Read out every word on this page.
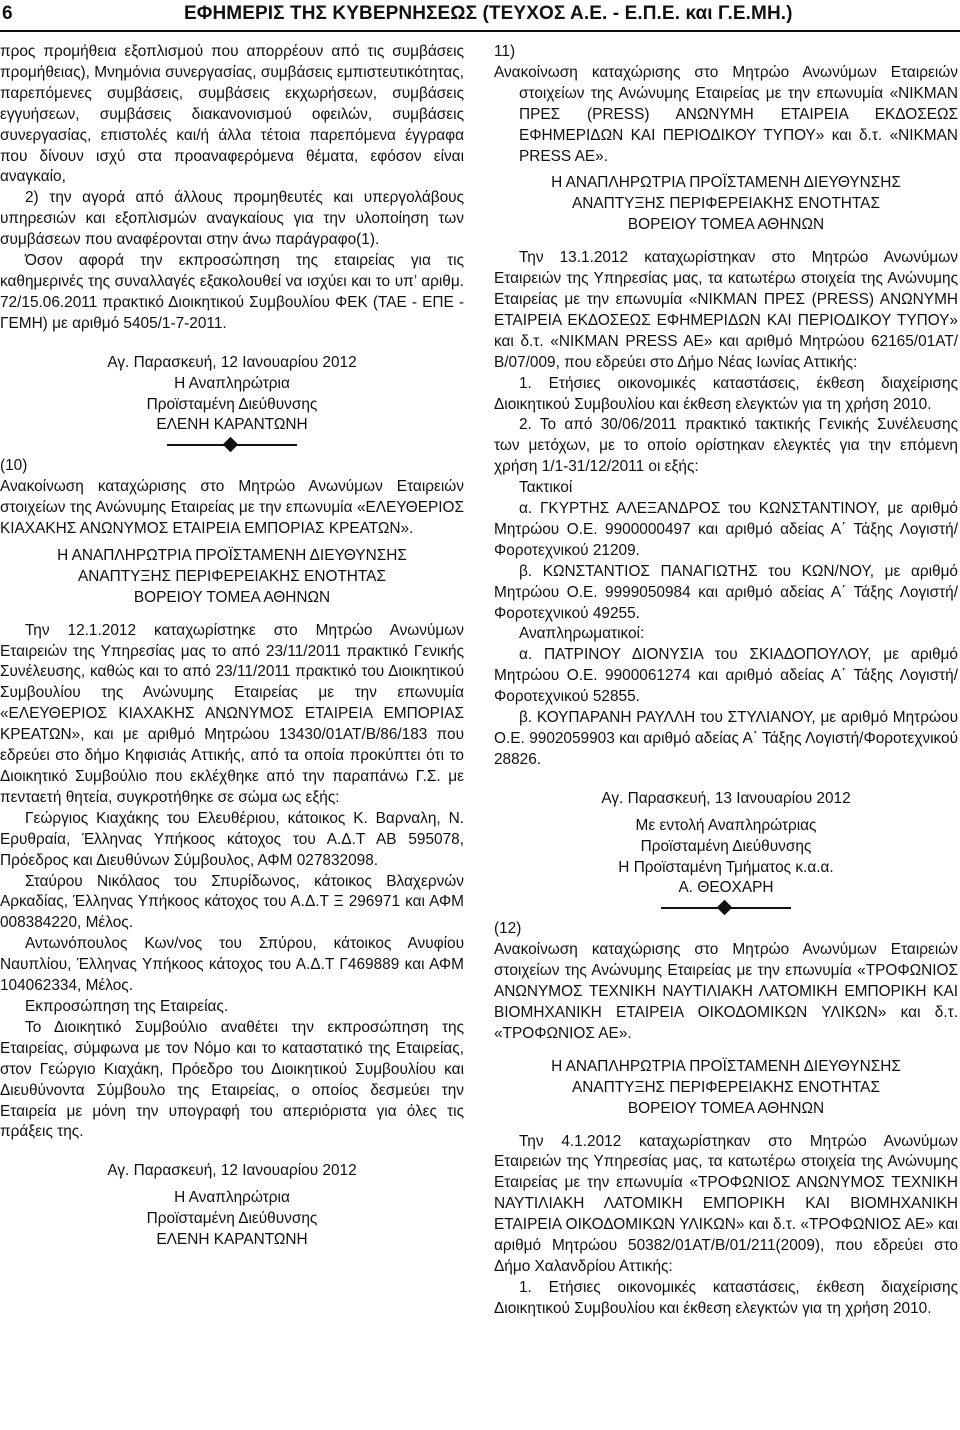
6	ΕΦΗΜΕΡΙΣ ΤΗΣ ΚΥΒΕΡΝΗΣΕΩΣ (ΤΕΥΧΟΣ Α.Ε. - Ε.Π.Ε. και Γ.Ε.ΜΗ.)

προς προμήθεια εξοπλισμού που απορρέουν από τις συμβάσεις προμήθειας), Μνημόνια συνεργασίας, συμβάσεις εμπιστευτικότητας, παρεπόμενες συμβάσεις, συμβάσεις εκχωρήσεων, συμβάσεις εγγυήσεων, συμβάσεις διακανονισμού οφειλών, συμβάσεις συνεργασίας, επιστολές και/ή άλλα τέτοια παρεπόμενα έγγραφα που δίνουν ισχύ στα προαναφερόμενα θέματα, εφόσον είναι αναγκαίο,

2) την αγορά από άλλους προμηθευτές και υπεργολάβους υπηρεσιών και εξοπλισμών αναγκαίους για την υλοποίηση των συμβάσεων που αναφέρονται στην άνω παράγραφο(1).

Όσον αφορά την εκπροσώπηση της εταιρείας για τις καθημερινές της συναλλαγές εξακολουθεί να ισχύει και το υπ’ αριθμ. 72/15.06.2011 πρακτικό Διοικητικού Συμβουλίου ΦΕΚ (ΤΑΕ - ΕΠΕ - ΓΕΜΗ) με αριθμό 5405/1-7-2011.

Αγ. Παρασκευή, 12 Ιανουαρίου 2012

Η Αναπληρώτρια

Προϊσταμένη Διεύθυνσης

ΕΛΕΝΗ ΚΑΡΑΝΤΩΝΗ

(10)

Ανακοίνωση καταχώρισης στο Μητρώο Ανωνύμων Εταιρειών στοιχείων της Ανώνυμης Εταιρείας με την επωνυμία «ΕΛΕΥΘΕΡΙΟΣ ΚΙΑΧΑΚΗΣ ΑΝΩΝΥΜΟΣ ΕΤΑΙΡΕΙΑ ΕΜΠΟΡΙΑΣ ΚΡΕΑΤΩΝ».

Η ΑΝΑΠΛΗΡΩΤΡΙΑ ΠΡΟΪΣΤΑΜΕΝΗ ΔΙΕΥΘΥΝΣΗΣ

ΑΝΑΠΤΥΞΗΣ ΠΕΡΙΦΕΡΕΙΑΚΗΣ ΕΝΟΤΗΤΑΣ

ΒΟΡΕΙΟΥ ΤΟΜΕΑ ΑΘΗΝΩΝ

Την 12.1.2012 καταχωρίστηκε στο Μητρώο Ανωνύμων Εταιρειών της Υπηρεσίας μας το από 23/11/2011 πρακτικό Γενικής Συνέλευσης, καθώς και το από 23/11/2011 πρακτικό του Διοικητικού Συμβουλίου της Ανώνυμης Εταιρείας με την επωνυμία «ΕΛΕΥΘΕΡΙΟΣ ΚΙΑΧΑΚΗΣ ΑΝΩΝΥΜΟΣ ΕΤΑΙΡΕΙΑ ΕΜΠΟΡΙΑΣ ΚΡΕΑΤΩΝ», και με αριθμό Μητρώου 13430/01ΑΤ/Β/86/183 που εδρεύει στο δήμο Κηφισιάς Αττικής, από τα οποία προκύπτει ότι το Διοικητικό Συμβούλιο που εκλέχθηκε από την παραπάνω Γ.Σ. με πενταετή θητεία, συγκροτήθηκε σε σώμα ως εξής:

Γεώργιος Κιαχάκης του Ελευθέριου, κάτοικος Κ. Βαρναλη, Ν. Ερυθραία, Έλληνας Υπήκοος κάτοχος του Α.Δ.Τ ΑΒ 595078, Πρόεδρος και Διευθύνων Σύμβουλος, ΑΦΜ 027832098.

Σταύρου Νικόλαος του Σπυρίδωνος, κάτοικος Βλαχερνών Αρκαδίας, Έλληνας Υπήκοος κάτοχος του Α.Δ.Τ Ξ 296971 και ΑΦΜ 008384220, Μέλος.

Αντωνόπουλος Κων/νος του Σπύρου, κάτοικος Ανυφίου Ναυπλίου, Έλληνας Υπήκοος κάτοχος του Α.Δ.Τ Γ469889 και ΑΦΜ 104062334, Μέλος.

Εκπροσώπηση της Εταιρείας.

Το Διοικητικό Συμβούλιο αναθέτει την εκπροσώπηση της Εταιρείας, σύμφωνα με τον Νόμο και το καταστατικό της Εταιρείας, στον Γεώργιο Κιαχάκη, Πρόεδρο του Διοικητικού Συμβουλίου και Διευθύνοντα Σύμβουλο της Εταιρείας, ο οποίος δεσμεύει την Εταιρεία με μόνη την υπογραφή του απεριόριστα για όλες τις πράξεις της.

Αγ. Παρασκευή, 12 Ιανουαρίου 2012

Η Αναπληρώτρια

Προϊσταμένη Διεύθυνσης

ΕΛΕΝΗ ΚΑΡΑΝΤΩΝΗ

11)

Ανακοίνωση καταχώρισης στο Μητρώο Ανωνύμων Εταιρειών στοιχείων της Ανώνυμης Εταιρείας με την επωνυμία «ΝΙΚΜΑΝ ΠΡΕΣ (PRESS) ΑΝΩΝΥΜΗ ΕΤΑΙΡΕΙΑ ΕΚΔΟΣΕΩΣ ΕΦΗΜΕΡΙΔΩΝ ΚΑΙ ΠΕΡΙΟΔΙΚΟΥ ΤΥΠΟΥ» και δ.τ. «NIKMAN PRESS AE».

Η ΑΝΑΠΛΗΡΩΤΡΙΑ ΠΡΟΪΣΤΑΜΕΝΗ ΔΙΕΥΘΥΝΣΗΣ

ΑΝΑΠΤΥΞΗΣ ΠΕΡΙΦΕΡΕΙΑΚΗΣ ΕΝΟΤΗΤΑΣ

ΒΟΡΕΙΟΥ ΤΟΜΕΑ ΑΘΗΝΩΝ

Την 13.1.2012 καταχωρίστηκαν στο Μητρώο Ανωνύμων Εταιρειών της Υπηρεσίας μας, τα κατωτέρω στοιχεία της Ανώνυμης Εταιρείας με την επωνυμία «ΝΙΚΜΑΝ ΠΡΕΣ (PRESS) ΑΝΩΝΥΜΗ ΕΤΑΙΡΕΙΑ ΕΚΔΟΣΕΩΣ ΕΦΗΜΕΡΙΔΩΝ ΚΑΙ ΠΕΡΙΟΔΙΚΟΥ ΤΥΠΟΥ» και δ.τ. «NIKMAN PRESS AE» και αριθμό Μητρώου 62165/01ΑΤ/Β/07/009, που εδρεύει στο Δήμο Νέας Ιωνίας Αττικής:

1. Ετήσιες οικονομικές καταστάσεις, έκθεση διαχείρισης Διοικητικού Συμβουλίου και έκθεση ελεγκτών για τη χρήση 2010.

2. Το από 30/06/2011 πρακτικό τακτικής Γενικής Συνέλευσης των μετόχων, με το οποίο ορίστηκαν ελεγκτές για την επόμενη χρήση 1/1-31/12/2011 οι εξής:

Τακτικοί

α. ΓΚΥΡΤΗΣ ΑΛΕΞΑΝΔΡΟΣ του ΚΩΝΣΤΑΝΤΙΝΟΥ, με αριθμό Μητρώου Ο.Ε. 9900000497 και αριθμό αδείας Α΄ Τάξης Λογιστή/Φοροτεχνικού 21209.

β. ΚΩΝΣΤΑΝΤΙΟΣ ΠΑΝΑΓΙΩΤΗΣ του ΚΩΝ/ΝΟΥ, με αριθμό Μητρώου Ο.Ε. 9999050984 και αριθμό αδείας Α΄ Τάξης Λογιστή/Φοροτεχνικού 49255.

Αναπληρωματικοί:

α. ΠΑΤΡΙΝΟΥ ΔΙΟΝΥΣΙΑ του ΣΚΙΑΔΟΠΟΥΛΟΥ, με αριθμό Μητρώου Ο.Ε. 9900061274 και αριθμό αδείας Α΄ Τάξης Λογιστή/Φοροτεχνικού 52855.

β. ΚΟΥΠΑΡΑΝΗ ΡΑΥΛΛΗ του ΣΤΥΛΙΑΝΟΥ, με αριθμό Μητρώου Ο.Ε. 9902059903 και αριθμό αδείας Α΄ Τάξης Λογιστή/Φοροτεχνικού 28826.

Αγ. Παρασκευή, 13 Ιανουαρίου 2012

Με εντολή Αναπληρώτριας

Προϊσταμένη Διεύθυνσης

Η Προϊσταμένη Τμήματος κ.α.α.

Α. ΘΕΟΧΑΡΗ

(12)

Ανακοίνωση καταχώρισης στο Μητρώο Ανωνύμων Εταιρειών στοιχείων της Ανώνυμης Εταιρείας με την επωνυμία «ΤΡΟΦΩΝΙΟΣ ΑΝΩΝΥΜΟΣ ΤΕΧΝΙΚΗ ΝΑΥΤΙΛΙΑΚΗ ΛΑΤΟΜΙΚΗ ΕΜΠΟΡΙΚΗ ΚΑΙ ΒΙΟΜΗΧΑΝΙΚΗ ΕΤΑΙΡΕΙΑ ΟΙΚΟΔΟΜΙΚΩΝ ΥΛΙΚΩΝ» και δ.τ. «ΤΡΟΦΩΝΙΟΣ ΑΕ».

Η ΑΝΑΠΛΗΡΩΤΡΙΑ ΠΡΟΪΣΤΑΜΕΝΗ ΔΙΕΥΘΥΝΣΗΣ

ΑΝΑΠΤΥΞΗΣ ΠΕΡΙΦΕΡΕΙΑΚΗΣ ΕΝΟΤΗΤΑΣ

ΒΟΡΕΙΟΥ ΤΟΜΕΑ ΑΘΗΝΩΝ

Την 4.1.2012 καταχωρίστηκαν στο Μητρώο Ανωνύμων Εταιρειών της Υπηρεσίας μας, τα κατωτέρω στοιχεία της Ανώνυμης Εταιρείας με την επωνυμία «ΤΡΟΦΩΝΙΟΣ ΑΝΩΝΥΜΟΣ ΤΕΧΝΙΚΗ ΝΑΥΤΙΛΙΑΚΗ ΛΑΤΟΜΙΚΗ ΕΜΠΟΡΙΚΗ ΚΑΙ ΒΙΟΜΗΧΑΝΙΚΗ ΕΤΑΙΡΕΙΑ ΟΙΚΟΔΟΜΙΚΩΝ ΥΛΙΚΩΝ» και δ.τ. «ΤΡΟΦΩΝΙΟΣ ΑΕ» και αριθμό Μητρώου 50382/01ΑΤ/Β/01/211(2009), που εδρεύει στο Δήμο Χαλανδρίου Αττικής:

1. Ετήσιες οικονομικές καταστάσεις, έκθεση διαχείρισης Διοικητικού Συμβουλίου και έκθεση ελεγκτών για τη χρήση 2010.
